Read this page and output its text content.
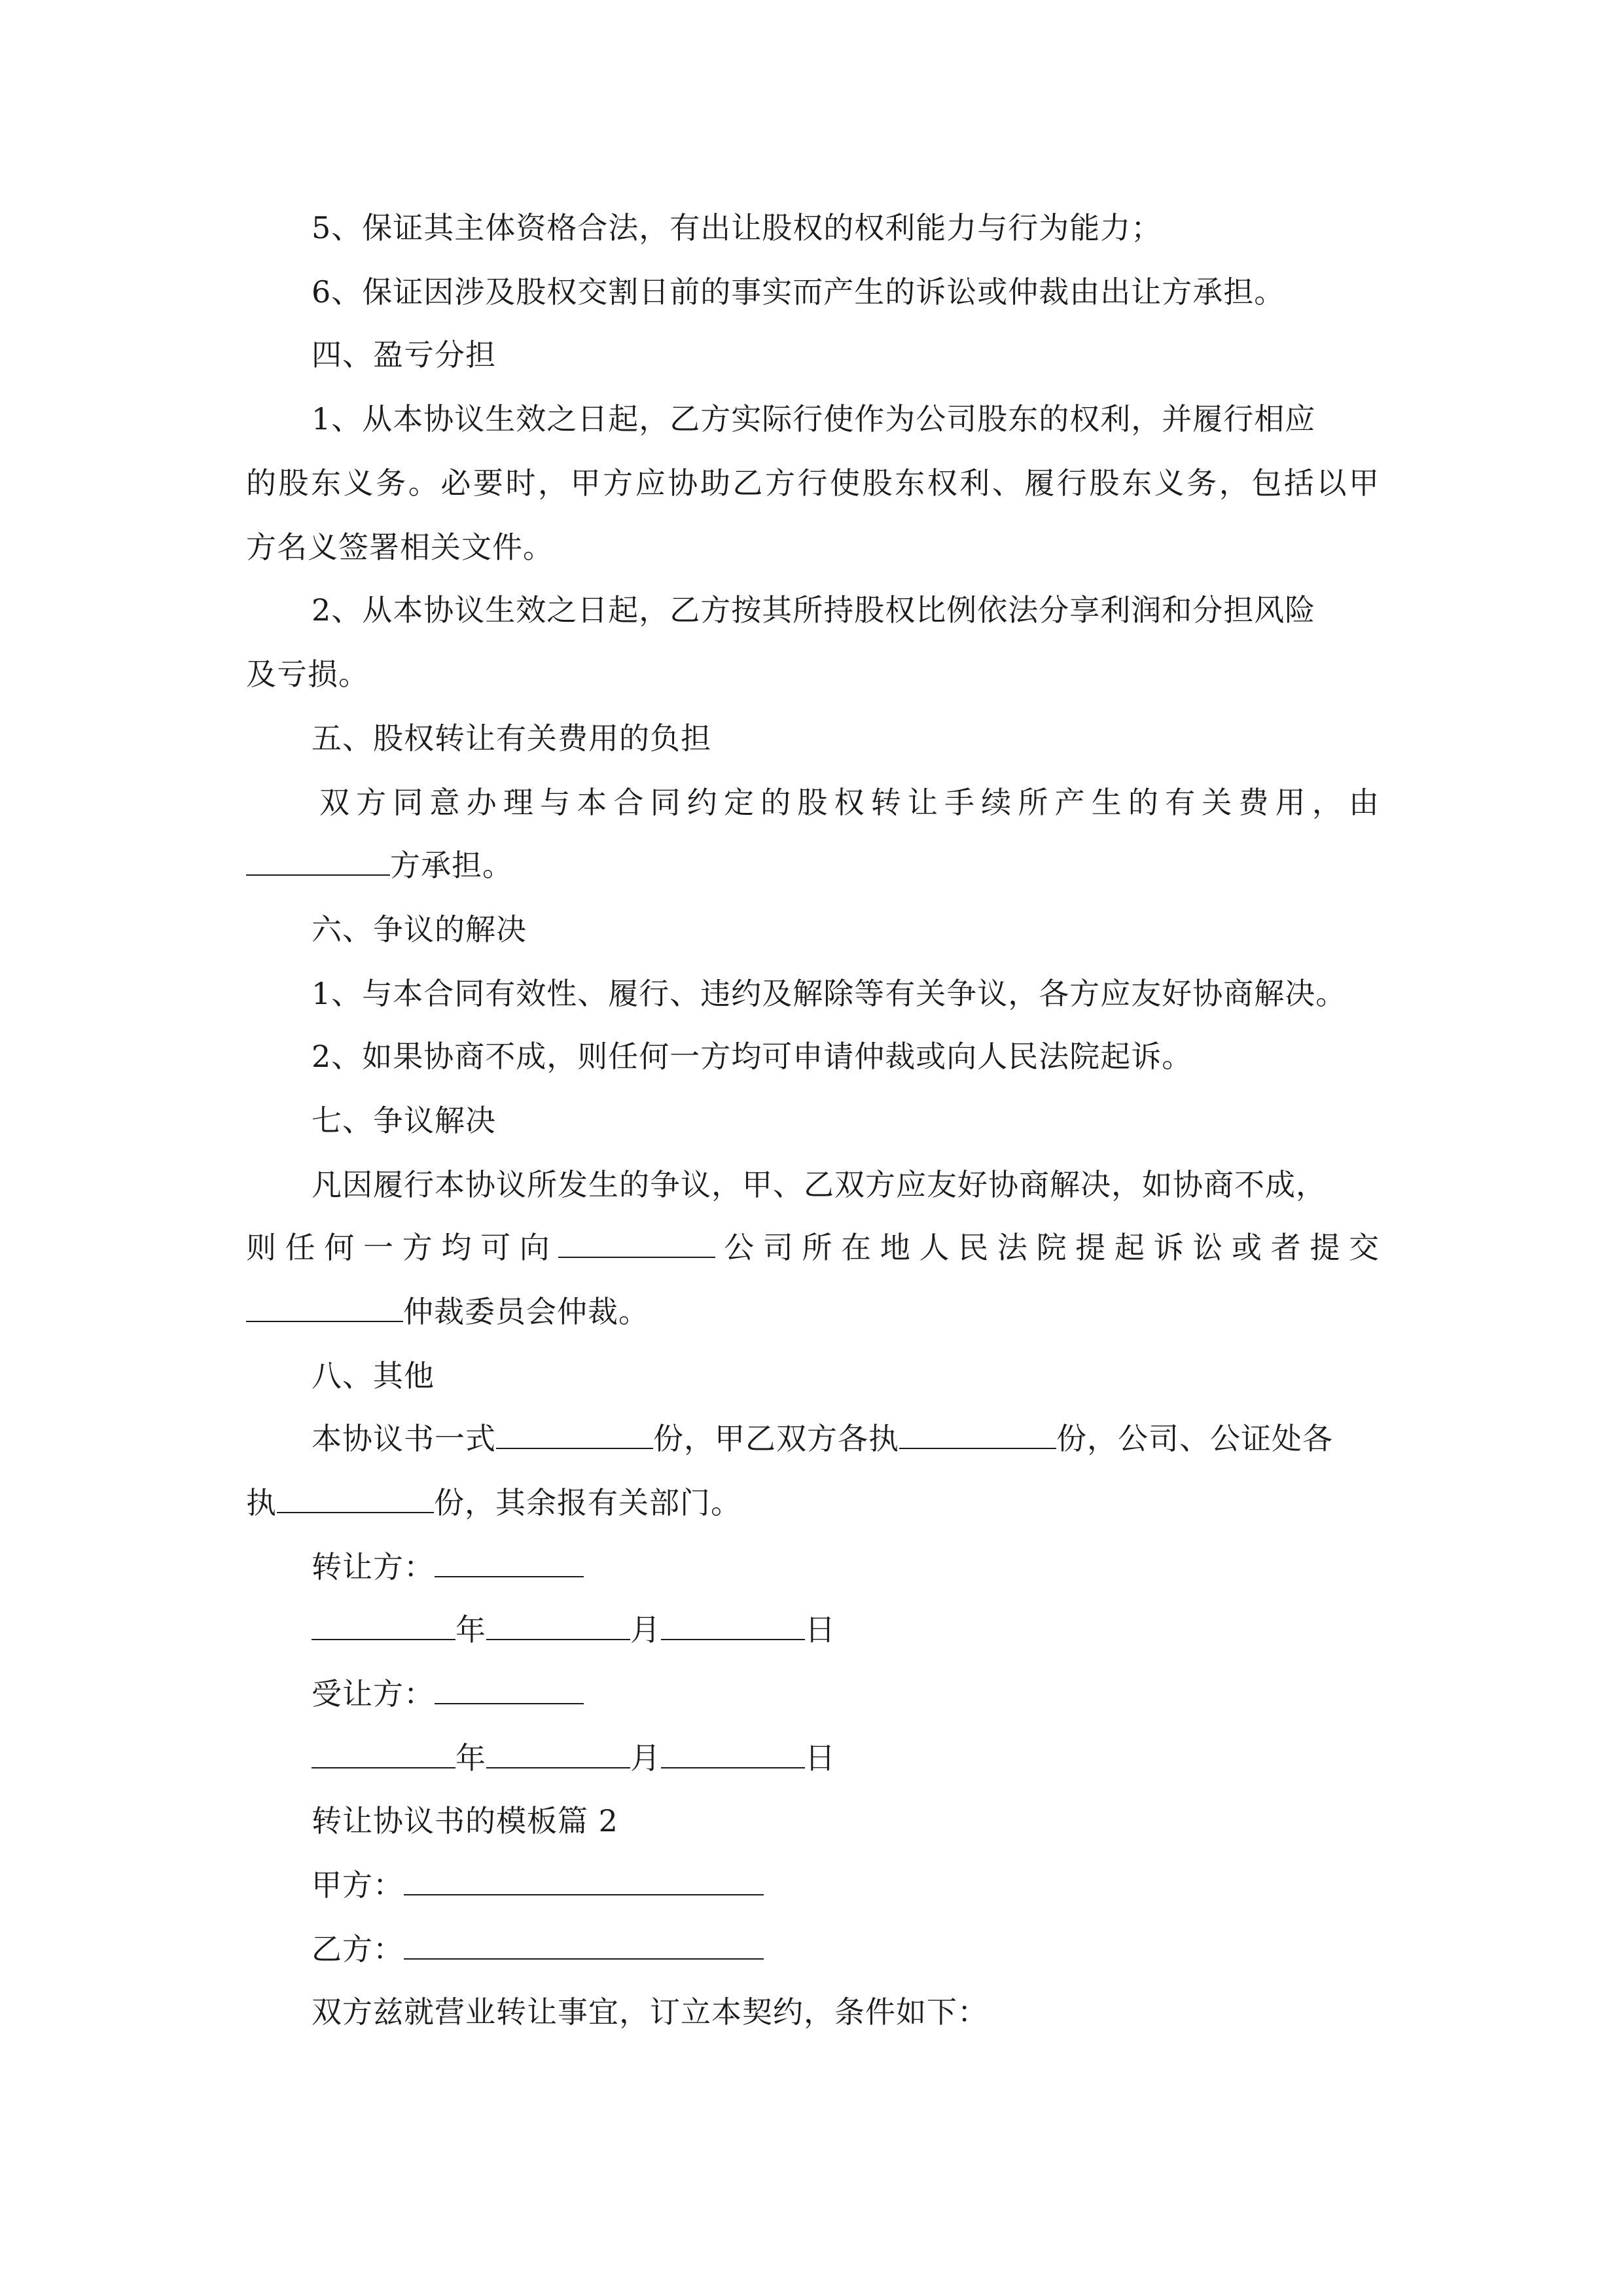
5、保证其主体资格合法，有出让股权的权利能力与行为能力；
6、保证因涉及股权交割日前的事实而产生的诉讼或仲裁由出让方承担。
四、盈亏分担
1、从本协议生效之日起，乙方实际行使作为公司股东的权利，并履行相应
的股东义务。必要时，甲方应协助乙方行使股东权利、履行股东义务，包括以甲
方名义签署相关文件。
2、从本协议生效之日起，乙方按其所持股权比例依法分享利润和分担风险
及亏损。
五、股权转让有关费用的负担
双方同意办理与本合同约定的股权转让手续所产生的有关费用，由
方承担。
六、争议的解决
1、与本合同有效性、履行、违约及解除等有关争议，各方应友好协商解决。
2、如果协商不成，则任何一方均可申请仲裁或向人民法院起诉。
七、争议解决
凡因履行本协议所发生的争议，甲、乙双方应友好协商解决，如协商不成，
则任何一方均可向	公司所在地人民法院提起诉讼或者提交
仲裁委员会仲裁。
八、其他
本协议书一式	份，甲乙双方各执	份，公司、公证处各
执	份，其余报有关部门。
转让方：
年	月	日
受让方：
年	月	日
转让协议书的模板篇 2
甲方：
乙方：
双方兹就营业转让事宜，订立本契约，条件如下：
